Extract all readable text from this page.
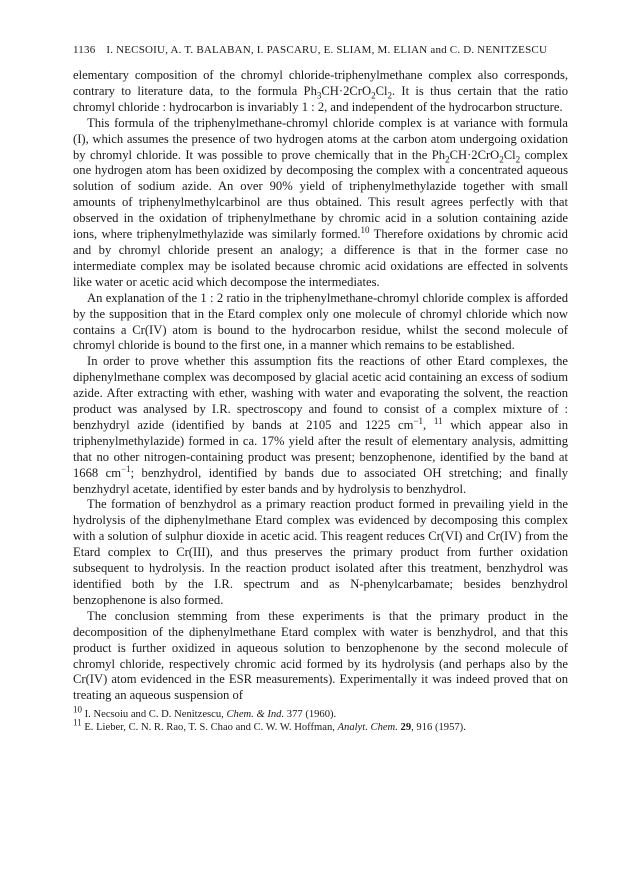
1136 I. NECSOIU, A. T. BALABAN, I. PASCARU, E. SLIAM, M. ELIAN and C. D. NENITZESCU

elementary composition of the chromyl chloride-triphenylmethane complex also corresponds, contrary to literature data, to the formula $Ph_3CH\cdot 2CrO_2Cl_2$. It is thus certain that the ratio chromyl chloride : hydrocarbon is invariably 1 : 2, and independent of the hydrocarbon structure.

This formula of the triphenylmethane-chromyl chloride complex is at variance with formula (I), which assumes the presence of two hydrogen atoms at the carbon atom undergoing oxidation by chromyl chloride. It was possible to prove chemically that in the $Ph_2CH\cdot 2CrO_2Cl_2$ complex one hydrogen atom has been oxidized by decomposing the complex with a concentrated aqueous solution of sodium azide. An over 90% yield of triphenylmethylazide together with small amounts of triphenylmethylcarbinol are thus obtained. This result agrees perfectly with that observed in the oxidation of triphenylmethane by chromic acid in a solution containing azide ions, where triphenylmethylazide was similarly formed.$^{10}$ Therefore oxidations by chromic acid and by chromyl chloride present an analogy; a difference is that in the former case no intermediate complex may be isolated because chromic acid oxidations are effected in solvents like water or acetic acid which decompose the intermediates.

An explanation of the 1 : 2 ratio in the triphenylmethane-chromyl chloride complex is afforded by the supposition that in the Etard complex only one molecule of chromyl chloride which now contains a Cr(IV) atom is bound to the hydrocarbon residue, whilst the second molecule of chromyl chloride is bound to the first one, in a manner which remains to be established.

In order to prove whether this assumption fits the reactions of other Etard complexes, the diphenylmethane complex was decomposed by glacial acetic acid containing an excess of sodium azide. After extracting with ether, washing with water and evaporating the solvent, the reaction product was analysed by I.R. spectroscopy and found to consist of a complex mixture of : benzhydryl azide (identified by bands at 2105 and 1225 $cm^{-1}$, $^{11}$ which appear also in triphenylmethylazide) formed in ca. 17% yield after the result of elementary analysis, admitting that no other nitrogen-containing product was present; benzophenone, identified by the band at 1668 $cm^{-1}$; benzhydrol, identified by bands due to associated OH stretching; and finally benzhydryl acetate, identified by ester bands and by hydrolysis to benzhydrol.

The formation of benzhydrol as a primary reaction product formed in prevailing yield in the hydrolysis of the diphenylmethane Etard complex was evidenced by decomposing this complex with a solution of sulphur dioxide in acetic acid. This reagent reduces Cr(VI) and Cr(IV) from the Etard complex to Cr(III), and thus preserves the primary product from further oxidation subsequent to hydrolysis. In the reaction product isolated after this treatment, benzhydrol was identified both by the I.R. spectrum and as N-phenylcarbamate; besides benzhydrol benzophenone is also formed.

The conclusion stemming from these experiments is that the primary product in the decomposition of the diphenylmethane Etard complex with water is benzhydrol, and that this product is further oxidized in aqueous solution to benzophenone by the second molecule of chromyl chloride, respectively chromic acid formed by its hydrolysis (and perhaps also by the Cr(IV) atom evidenced in the ESR measurements). Experimentally it was indeed proved that on treating an aqueous suspension of

$^{10}$ I. Necsoiu and C. D. Nenitzescu, Chem. & Ind. 377 (1960).
$^{11}$ E. Lieber, C. N. R. Rao, T. S. Chao and C. W. W. Hoffman, Analyt. Chem. 29, 916 (1957).
